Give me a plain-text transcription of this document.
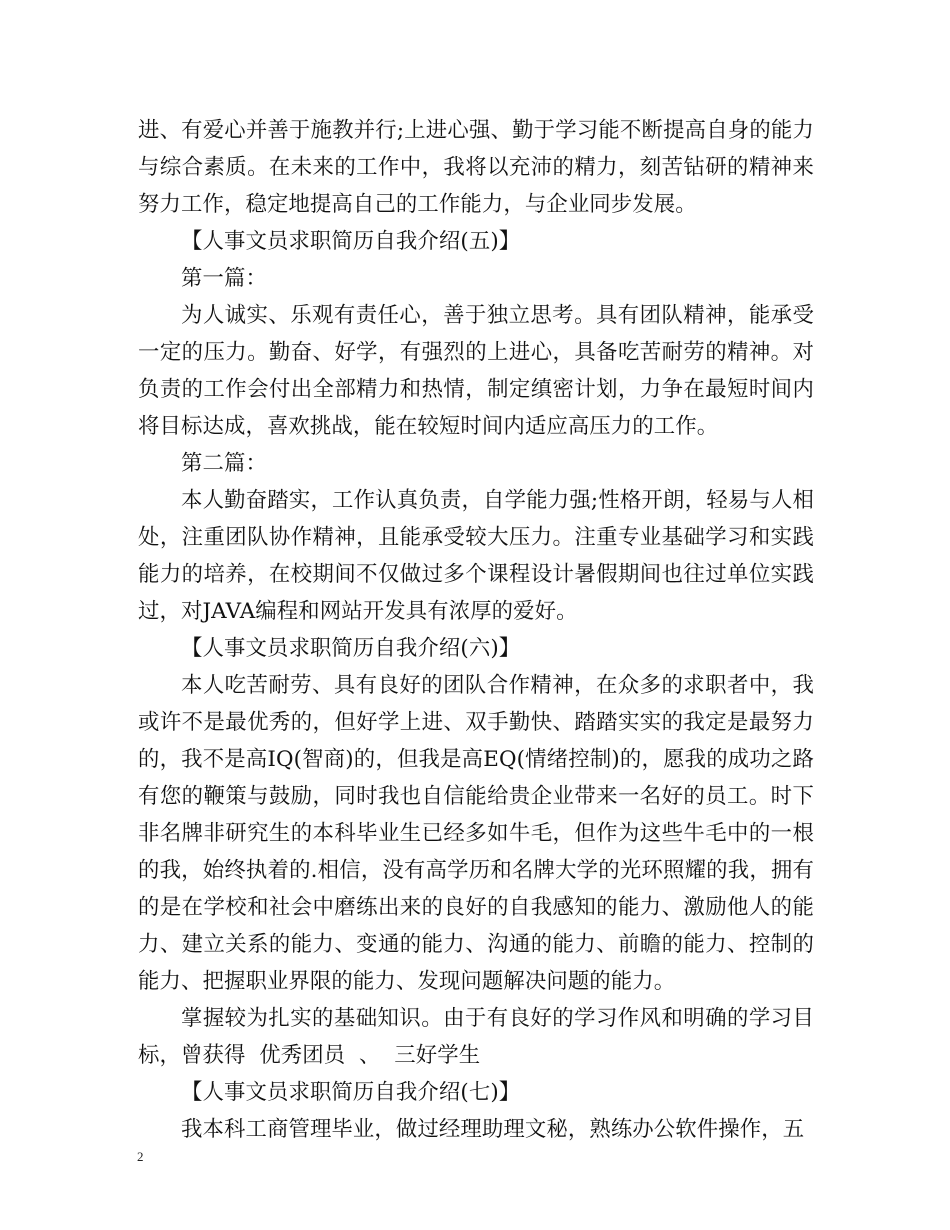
进、有爱心并善于施教并行;上进心强、勤于学习能不断提高自身的能力与综合素质。在未来的工作中，我将以充沛的精力，刻苦钻研的精神来努力工作，稳定地提高自己的工作能力，与企业同步发展。

【人事文员求职简历自我介绍(五)】

第一篇：

为人诚实、乐观有责任心，善于独立思考。具有团队精神，能承受一定的压力。勤奋、好学，有强烈的上进心，具备吃苦耐劳的精神。对负责的工作会付出全部精力和热情，制定缜密计划，力争在最短时间内将目标达成，喜欢挑战，能在较短时间内适应高压力的工作。

第二篇：

本人勤奋踏实，工作认真负责，自学能力强;性格开朗，轻易与人相处，注重团队协作精神，且能承受较大压力。注重专业基础学习和实践能力的培养，在校期间不仅做过多个课程设计暑假期间也往过单位实践过，对JAVA编程和网站开发具有浓厚的爱好。

【人事文员求职简历自我介绍(六)】

本人吃苦耐劳、具有良好的团队合作精神，在众多的求职者中，我或许不是最优秀的，但好学上进、双手勤快、踏踏实实的我定是最努力的，我不是高IQ(智商)的，但我是高EQ(情绪控制)的，愿我的成功之路有您的鞭策与鼓励，同时我也自信能给贵企业带来一名好的员工。时下非名牌非研究生的本科毕业生已经多如牛毛，但作为这些牛毛中的一根的我，始终执着的.相信，没有高学历和名牌大学的光环照耀的我，拥有的是在学校和社会中磨练出来的良好的自我感知的能力、激励他人的能力、建立关系的能力、变通的能力、沟通的能力、前瞻的能力、控制的能力、把握职业界限的能力、发现问题解决问题的能力。

掌握较为扎实的基础知识。由于有良好的学习作风和明确的学习目标，曾获得  优秀团员  、  三好学生

【人事文员求职简历自我介绍(七)】

我本科工商管理毕业，做过经理助理文秘，熟练办公软件操作，五

2
